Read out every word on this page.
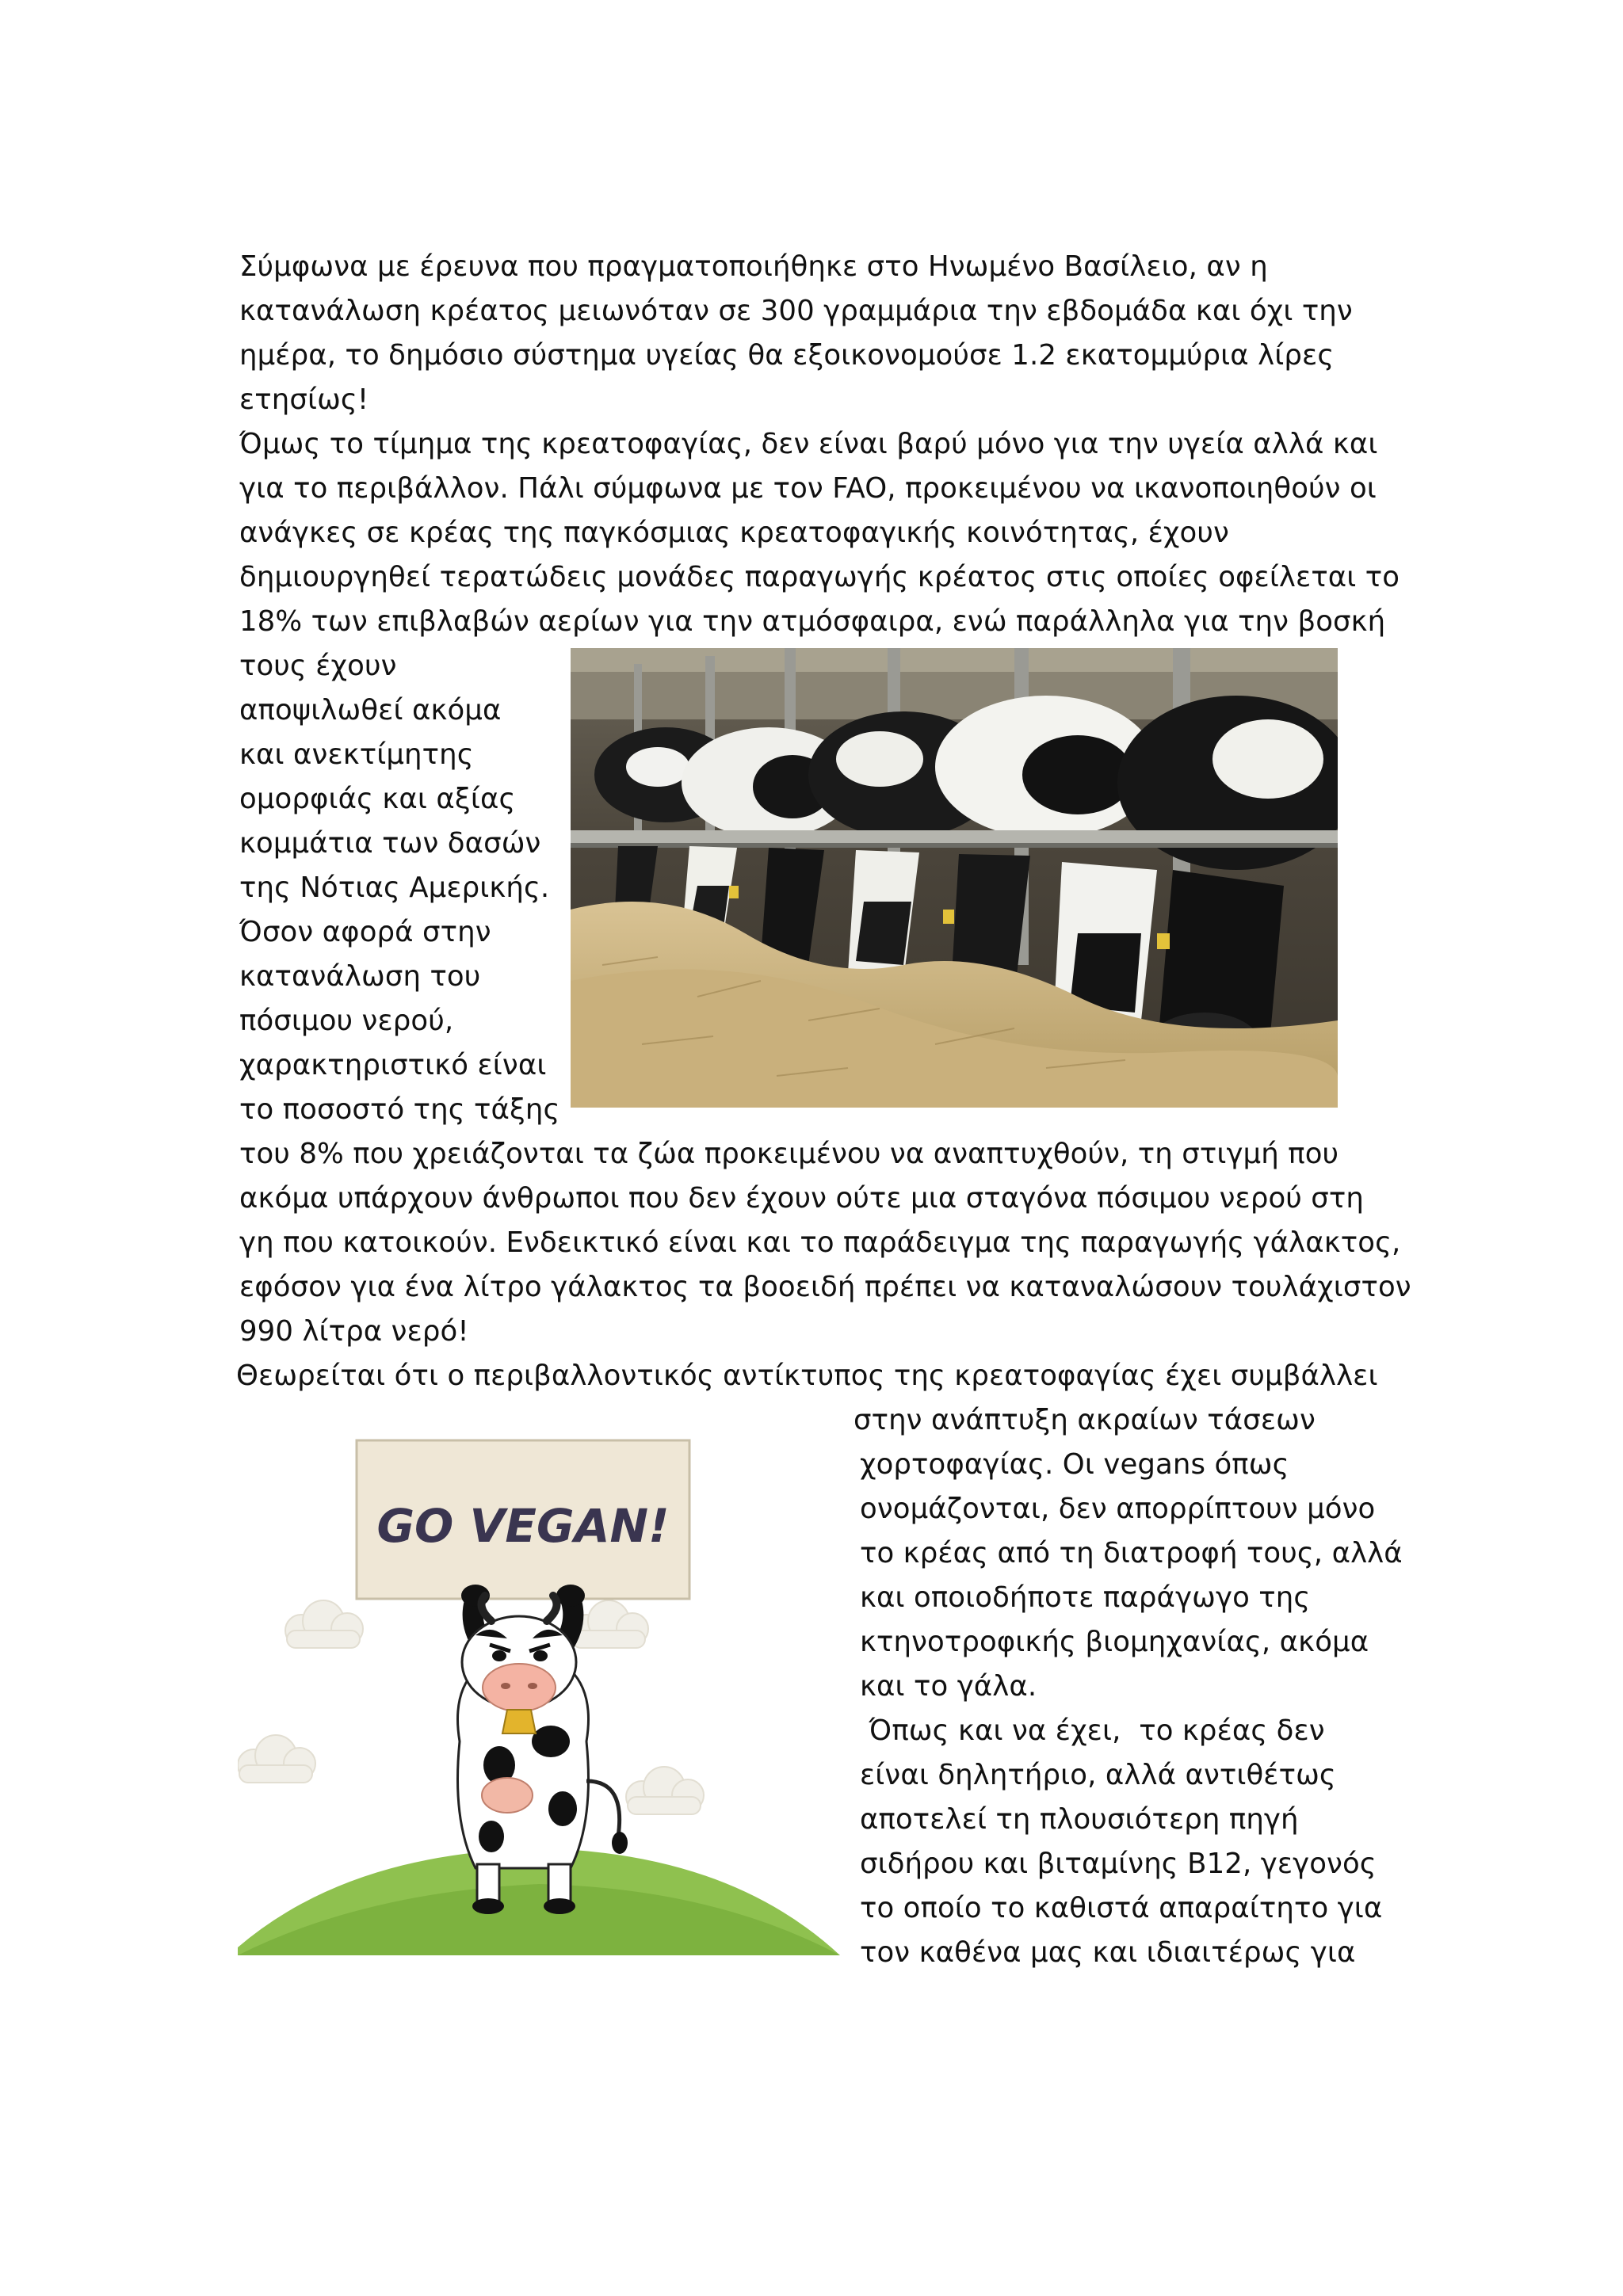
Σύμφωνα με έρευνα που πραγματοποιήθηκε στο Ηνωμένο Βασίλειο, αν η

κατανάλωση κρέατος μειωνόταν σε 300 γραμμάρια την εβδομάδα και όχι την

ημέρα, το δημόσιο σύστημα υγείας θα εξοικονομούσε 1.2 εκατομμύρια λίρες

ετησίως!

Όμως το τίμημα της κρεατοφαγίας, δεν είναι βαρύ μόνο για την υγεία αλλά και

για το περιβάλλον. Πάλι σύμφωνα με τον FAO, προκειμένου να ικανοποιηθούν οι

ανάγκες σε κρέας της παγκόσμιας κρεατοφαγικής κοινότητας, έχουν

δημιουργηθεί τερατώδεις μονάδες παραγωγής κρέατος στις οποίες οφείλεται το

18% των επιβλαβών αερίων για την ατμόσφαιρα, ενώ παράλληλα για την βοσκή

τους έχουν

αποψιλωθεί ακόμα

και ανεκτίμητης

ομορφιάς και αξίας

κομμάτια των δασών

της Νότιας Αμερικής.

Όσον αφορά στην

κατανάλωση του

πόσιμου νερού,

χαρακτηριστικό είναι

το ποσοστό της τάξης

του 8% που χρειάζονται τα ζώα προκειμένου να αναπτυχθούν, τη στιγμή που

ακόμα υπάρχουν άνθρωποι που δεν έχουν ούτε μια σταγόνα πόσιμου νερού στη

γη που κατοικούν. Ενδεικτικό είναι και το παράδειγμα της παραγωγής γάλακτος,

εφόσον για ένα λίτρο γάλακτος τα βοοειδή πρέπει να καταναλώσουν τουλάχιστον

990 λίτρα νερό!

Θεωρείται ότι ο περιβαλλοντικός αντίκτυπος της κρεατοφαγίας έχει συμβάλλει

GO VEGAN!

στην ανάπτυξη ακραίων τάσεων

χορτοφαγίας. Οι vegans όπως

ονομάζονται, δεν απορρίπτουν μόνο

το κρέας από τη διατροφή τους, αλλά

και οποιοδήποτε παράγωγο της

κτηνοτροφικής βιομηχανίας, ακόμα

και το γάλα.

Όπως και να έχει,  το κρέας δεν

είναι δηλητήριο, αλλά αντιθέτως

αποτελεί τη πλουσιότερη πηγή

σιδήρου και βιταμίνης Β12, γεγονός

το οποίο το καθιστά απαραίτητο για

τον καθένα μας και ιδιαιτέρως για
